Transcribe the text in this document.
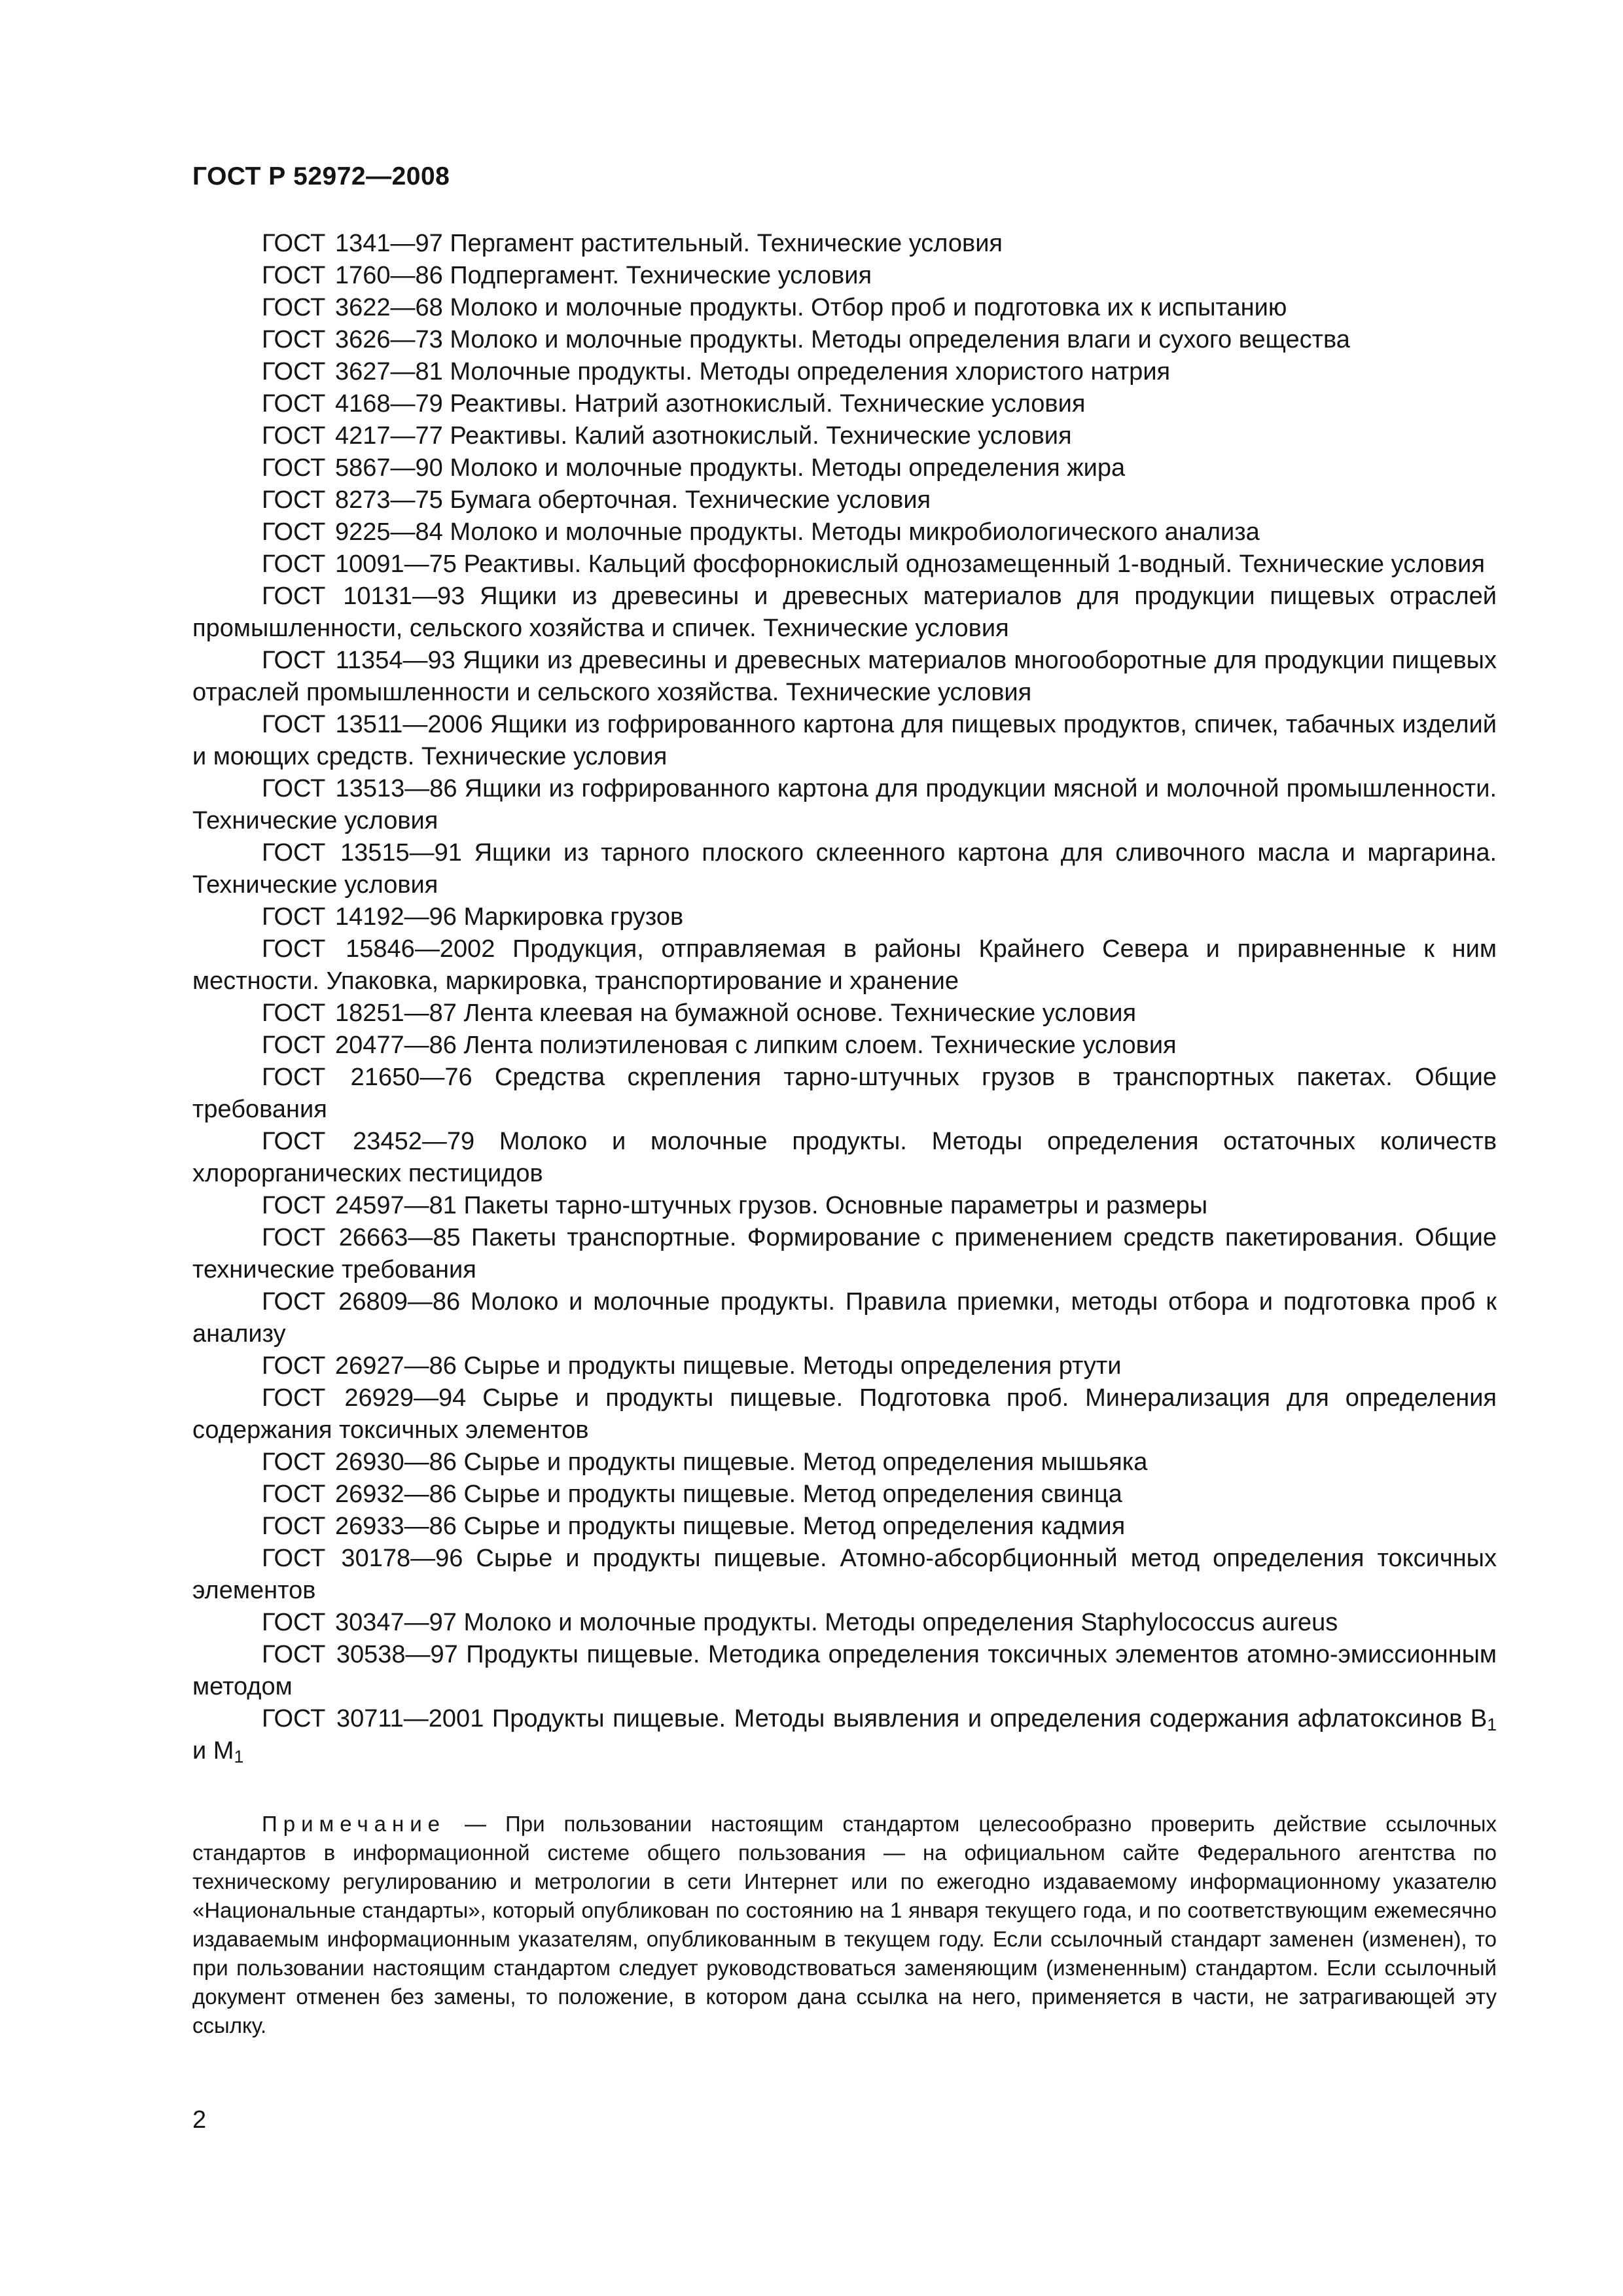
ГОСТ Р 52972—2008

ГОСТ 1341—97 Пергамент растительный. Технические условия

ГОСТ 1760—86 Подпергамент. Технические условия

ГОСТ 3622—68 Молоко и молочные продукты. Отбор проб и подготовка их к испытанию

ГОСТ 3626—73 Молоко и молочные продукты. Методы определения влаги и сухого вещества

ГОСТ 3627—81 Молочные продукты. Методы определения хлористого натрия

ГОСТ 4168—79 Реактивы. Натрий азотнокислый. Технические условия

ГОСТ 4217—77 Реактивы. Калий азотнокислый. Технические условия

ГОСТ 5867—90 Молоко и молочные продукты. Методы определения жира

ГОСТ 8273—75 Бумага оберточная. Технические условия

ГОСТ 9225—84 Молоко и молочные продукты. Методы микробиологического анализа

ГОСТ 10091—75 Реактивы. Кальций фосфорнокислый однозамещенный 1-водный. Технические условия

ГОСТ 10131—93 Ящики из древесины и древесных материалов для продукции пищевых отраслей промышленности, сельского хозяйства и спичек. Технические условия

ГОСТ 11354—93 Ящики из древесины и древесных материалов многооборотные для продукции пищевых отраслей промышленности и сельского хозяйства. Технические условия

ГОСТ 13511—2006 Ящики из гофрированного картона для пищевых продуктов, спичек, табачных изделий и моющих средств. Технические условия

ГОСТ 13513—86 Ящики из гофрированного картона для продукции мясной и молочной промышленности. Технические условия

ГОСТ 13515—91 Ящики из тарного плоского склеенного картона для сливочного масла и маргарина. Технические условия

ГОСТ 14192—96 Маркировка грузов

ГОСТ 15846—2002 Продукция, отправляемая в районы Крайнего Севера и приравненные к ним местности. Упаковка, маркировка, транспортирование и хранение

ГОСТ 18251—87 Лента клеевая на бумажной основе. Технические условия

ГОСТ 20477—86 Лента полиэтиленовая с липким слоем. Технические условия

ГОСТ 21650—76 Средства скрепления тарно-штучных грузов в транспортных пакетах. Общие требования

ГОСТ 23452—79 Молоко и молочные продукты. Методы определения остаточных количеств хлорорганических пестицидов

ГОСТ 24597—81 Пакеты тарно-штучных грузов. Основные параметры и размеры

ГОСТ 26663—85 Пакеты транспортные. Формирование с применением средств пакетирования. Общие технические требования

ГОСТ 26809—86 Молоко и молочные продукты. Правила приемки, методы отбора и подготовка проб к анализу

ГОСТ 26927—86 Сырье и продукты пищевые. Методы определения ртути

ГОСТ 26929—94 Сырье и продукты пищевые. Подготовка проб. Минерализация для определения содержания токсичных элементов

ГОСТ 26930—86 Сырье и продукты пищевые. Метод определения мышьяка

ГОСТ 26932—86 Сырье и продукты пищевые. Метод определения свинца

ГОСТ 26933—86 Сырье и продукты пищевые. Метод определения кадмия

ГОСТ 30178—96 Сырье и продукты пищевые. Атомно-абсорбционный метод определения токсичных элементов

ГОСТ 30347—97 Молоко и молочные продукты. Методы определения Staphylococcus aureus

ГОСТ 30538—97 Продукты пищевые. Методика определения токсичных элементов атомно-эмиссионным методом

ГОСТ 30711—2001 Продукты пищевые. Методы выявления и определения содержания афлатоксинов $B_1$ и $M_1$

Примечание — При пользовании настоящим стандартом целесообразно проверить действие ссылочных стандартов в информационной системе общего пользования — на официальном сайте Федерального агентства по техническому регулированию и метрологии в сети Интернет или по ежегодно издаваемому информационному указателю «Национальные стандарты», который опубликован по состоянию на 1 января текущего года, и по соответствующим ежемесячно издаваемым информационным указателям, опубликованным в текущем году. Если ссылочный стандарт заменен (изменен), то при пользовании настоящим стандартом следует руководствоваться заменяющим (измененным) стандартом. Если ссылочный документ отменен без замены, то положение, в котором дана ссылка на него, применяется в части, не затрагивающей эту ссылку.
2
